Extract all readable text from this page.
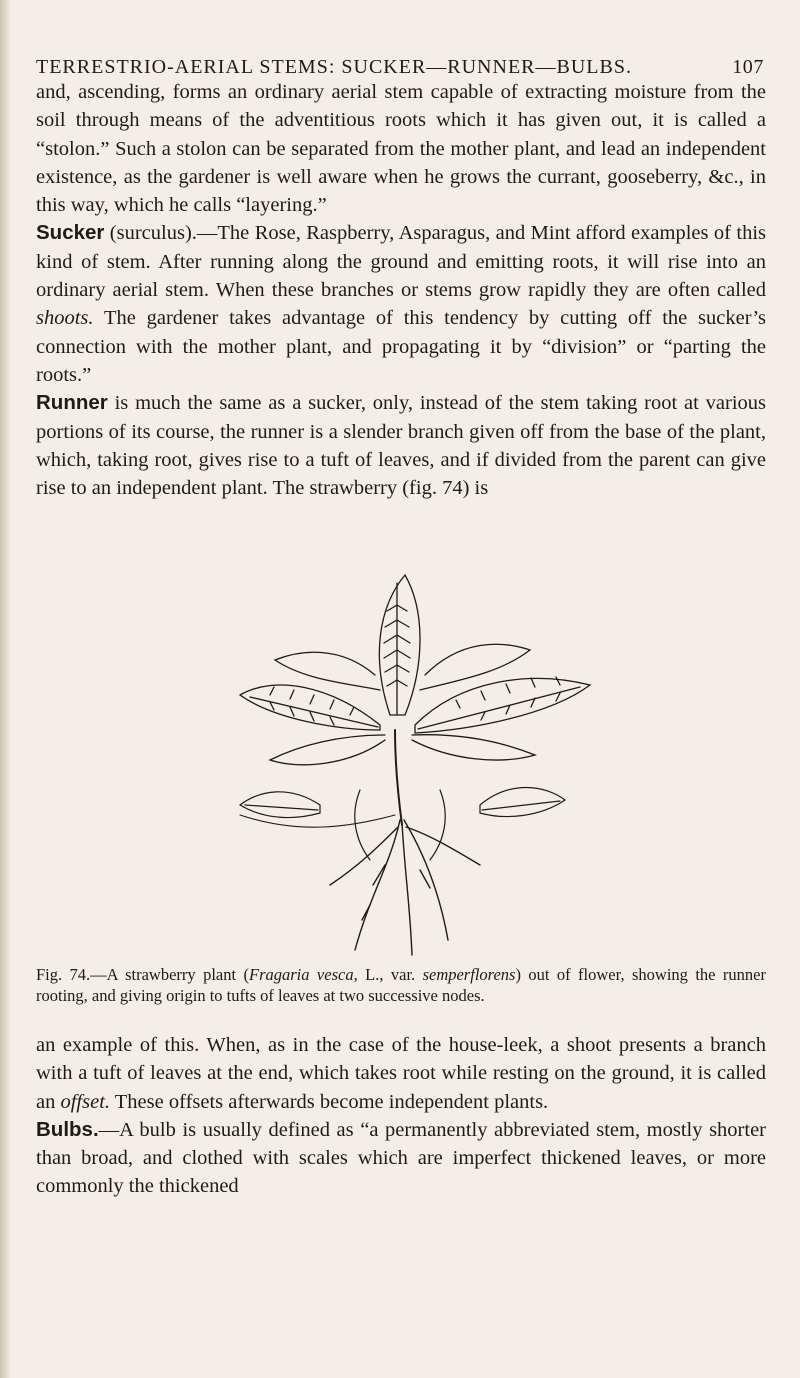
TERRESTRIO-AERIAL STEMS: SUCKER—RUNNER—BULBS.	107

and, ascending, forms an ordinary aerial stem capable of extracting moisture from the soil through means of the adventitious roots which it has given out, it is called a “stolon.” Such a stolon can be separated from the mother plant, and lead an independent existence, as the gardener is well aware when he grows the currant, gooseberry, &c., in this way, which he calls “layering.”

Sucker (surculus).—The Rose, Raspberry, Asparagus, and Mint afford examples of this kind of stem. After running along the ground and emitting roots, it will rise into an ordinary aerial stem. When these branches or stems grow rapidly they are often called shoots. The gardener takes advantage of this tendency by cutting off the sucker’s connection with the mother plant, and propagating it by “division” or “parting the roots.”

Runner is much the same as a sucker, only, instead of the stem taking root at various portions of its course, the runner is a slender branch given off from the base of the plant, which, taking root, gives rise to a tuft of leaves, and if divided from the parent can give rise to an independent plant. The strawberry (fig. 74) is

Fig. 74.—A strawberry plant (Fragaria vesca, L., var. semperflorens) out of flower, showing the runner rooting, and giving origin to tufts of leaves at two successive nodes.

an example of this. When, as in the case of the house-leek, a shoot presents a branch with a tuft of leaves at the end, which takes root while resting on the ground, it is called an offset. These offsets afterwards become independent plants.

Bulbs.—A bulb is usually defined as “a permanently abbreviated stem, mostly shorter than broad, and clothed with scales which are imperfect thickened leaves, or more commonly the thickened
